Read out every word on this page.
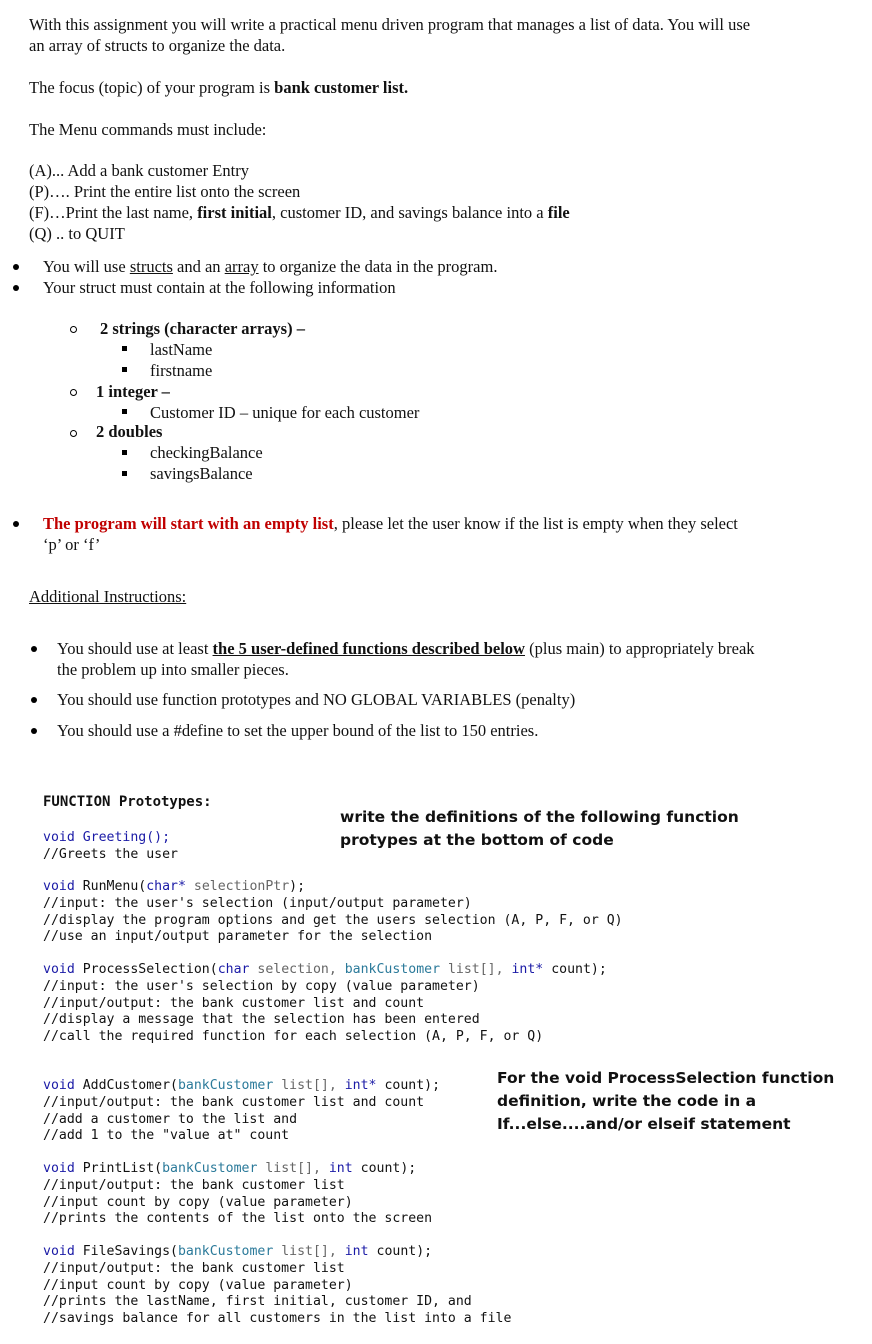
With this assignment you will write a practical menu driven program that manages a list of data. You will use
an array of structs to organize the data.
The focus (topic) of your program is bank customer list.
The Menu commands must include:
(A)... Add a bank customer Entry
(P)…. Print the entire list onto the screen
(F)…Print the last name, first initial, customer ID, and savings balance into a file
(Q) .. to QUIT
You will use structs and an array to organize the data in the program.
Your struct must contain at the following information
2 strings (character arrays) –
lastName
firstname
1 integer –
Customer ID – unique for each customer
2 doubles
checkingBalance
savingsBalance
The program will start with an empty list, please let the user know if the list is empty when they select
‘p’ or ‘f’
Additional Instructions:
You should use at least the 5 user-defined functions described below (plus main) to appropriately break
the problem up into smaller pieces.
You should use function prototypes and NO GLOBAL VARIABLES (penalty)
You should use a #define to set the upper bound of the list to 150 entries.
FUNCTION Prototypes:
void Greeting();
//Greets the user
void RunMenu(char* selectionPtr);
//input: the user's selection (input/output parameter)
//display the program options and get the users selection (A, P, F, or Q)
//use an input/output parameter for the selection
void ProcessSelection(char selection, bankCustomer list[], int* count);
//input: the user's selection by copy (value parameter)
//input/output: the bank customer list and count
//display a message that the selection has been entered
//call the required function for each selection (A, P, F, or Q)
void AddCustomer(bankCustomer list[], int* count);
//input/output: the bank customer list and count
//add a customer to the list and
//add 1 to the "value at" count
void PrintList(bankCustomer list[], int count);
//input/output: the bank customer list
//input count by copy (value parameter)
//prints the contents of the list onto the screen
void FileSavings(bankCustomer list[], int count);
//input/output: the bank customer list
//input count by copy (value parameter)
//prints the lastName, first initial, customer ID, and
//savings balance for all customers in the list into a file
write the definitions of the following function
protypes at the bottom of code
For the void ProcessSelection function
definition, write the code in a
If...else....and/or elseif statement
